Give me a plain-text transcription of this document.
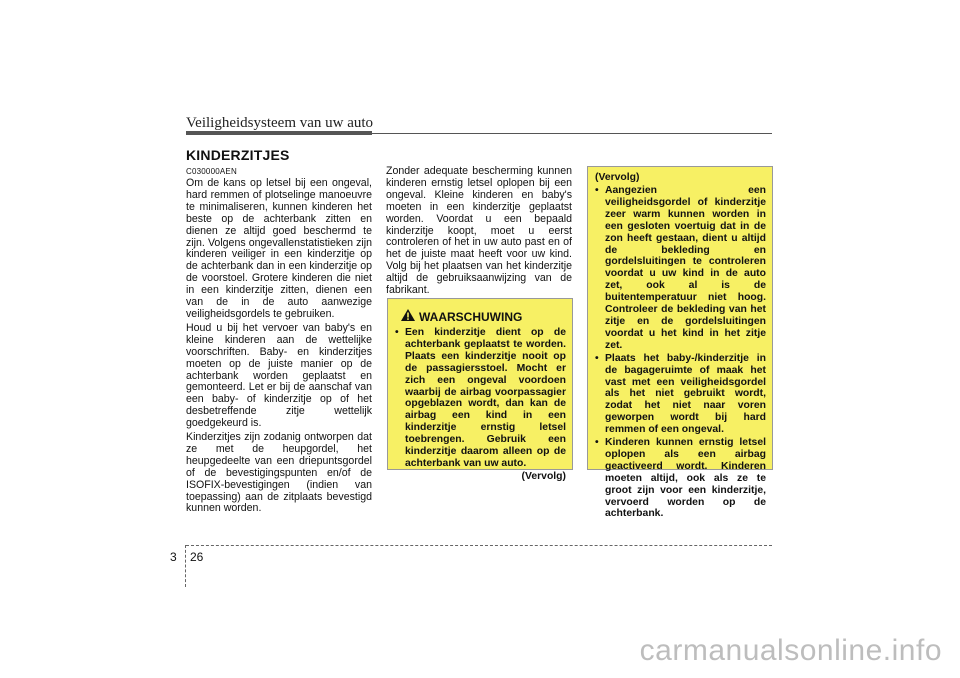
Veiligheidsysteem van uw auto
KINDERZITJES
C030000AEN

Om de kans op letsel bij een ongeval, hard remmen of plotselinge manoeuvre te minimaliseren, kunnen kinderen het beste op de achterbank zitten en dienen ze altijd goed beschermd te zijn. Volgens ongevallenstatistieken zijn kinderen veiliger in een kinderzitje op de achterbank dan in een kinderzitje op de voorstoel. Grotere kinderen die niet in een kinderzitje zitten, dienen een van de in de auto aanwezige veiligheidsgordels te gebruiken.

Houd u bij het vervoer van baby's en kleine kinderen aan de wettelijke voorschriften. Baby- en kinderzitjes moeten op de juiste manier op de achterbank worden geplaatst en gemonteerd. Let er bij de aanschaf van een baby- of kinderzitje op of het desbetreffende zitje wettelijk goedgekeurd is.

Kinderzitjes zijn zodanig ontworpen dat ze met de heupgordel, het heupgedeelte van een driepuntsgordel of de bevestigingspunten en/of de ISOFIX-bevestigingen (indien van toepassing) aan de zitplaats bevestigd kunnen worden.

Zonder adequate bescherming kunnen kinderen ernstig letsel oplopen bij een ongeval. Kleine kinderen en baby's moeten in een kinderzitje geplaatst worden. Voordat u een bepaald kinderzitje koopt, moet u eerst controleren of het in uw auto past en of het de juiste maat heeft voor uw kind. Volg bij het plaatsen van het kinderzitje altijd de gebruiksaanwijzing van de fabrikant.

WAARSCHUWING
• Een kinderzitje dient op de achterbank geplaatst te worden. Plaats een kinderzitje nooit op de passagiersstoel. Mocht er zich een ongeval voordoen waarbij de airbag voorpassagier opgeblazen wordt, dan kan de airbag een kind in een kinderzitje ernstig letsel toebrengen. Gebruik een kinderzitje daarom alleen op de achterbank van uw auto.
(Vervolg)
(Vervolg)
• Aangezien een veiligheidsgordel of kinderzitje zeer warm kunnen worden in een gesloten voertuig dat in de zon heeft gestaan, dient u altijd de bekleding en gordelsluitingen te controleren voordat u uw kind in de auto zet, ook al is de buitentemperatuur niet hoog. Controleer de bekleding van het zitje en de gordelsluitingen voordat u het kind in het zitje zet.
• Plaats het baby-/kinderzitje in de bagageruimte of maak het vast met een veiligheidsgordel als het niet gebruikt wordt, zodat het niet naar voren geworpen wordt bij hard remmen of een ongeval.
• Kinderen kunnen ernstig letsel oplopen als een airbag geactiveerd wordt. Kinderen moeten altijd, ook als ze te groot zijn voor een kinderzitje, vervoerd worden op de achterbank.
3 26
carmanualsonline.info
